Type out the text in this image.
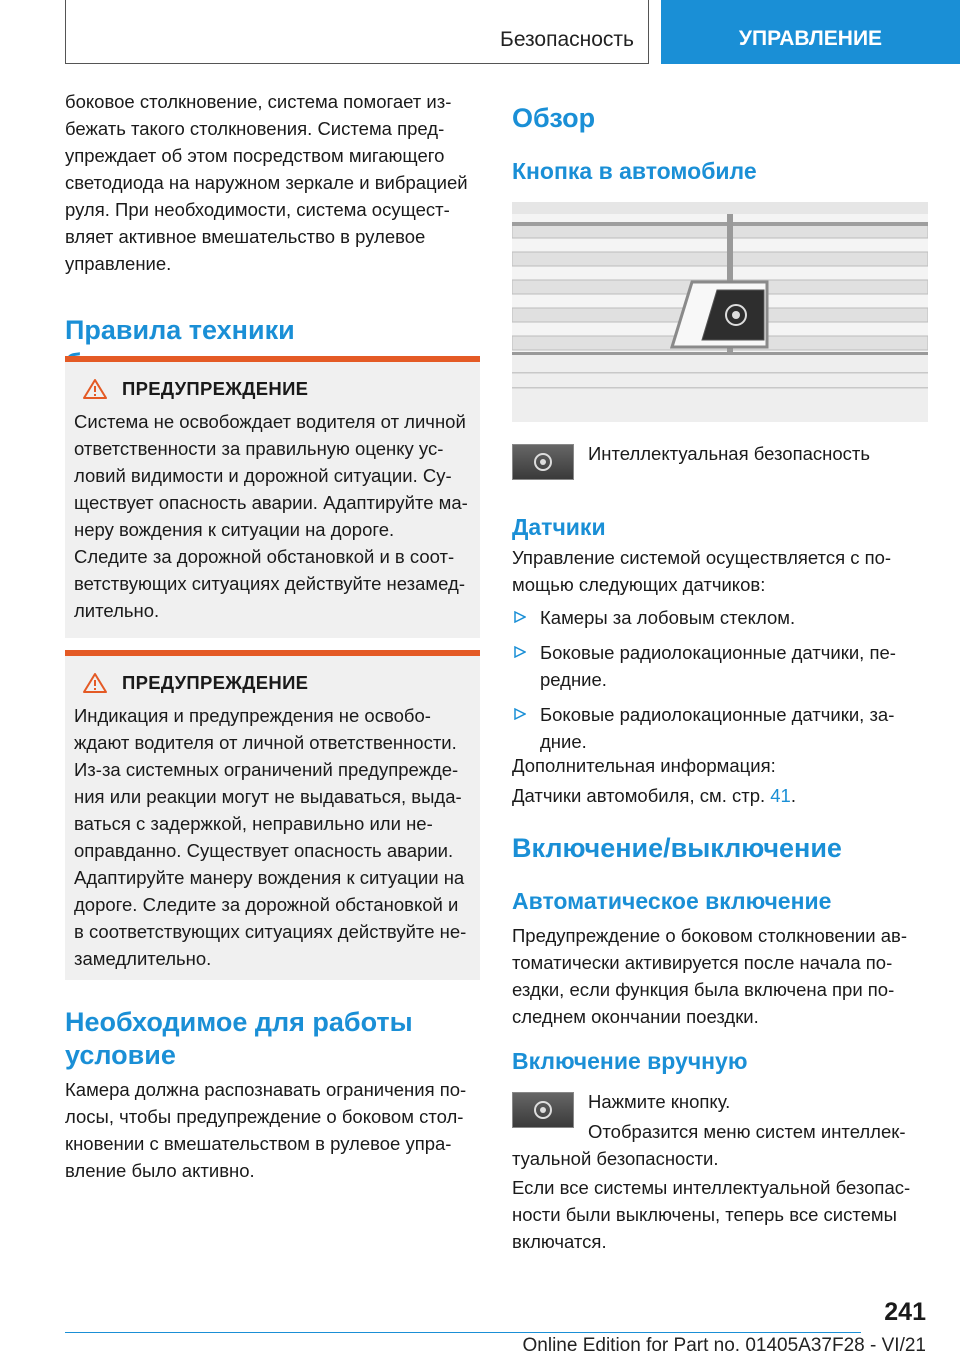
Безопасность	УПРАВЛЕНИЕ

боковое столкновение, система помогает из-бежать такого столкновения. Система пред-упреждает об этом посредством мигающего светодиода на наружном зеркале и вибрацией руля. При необходимости, система осущест-вляет активное вмешательство в рулевое управление.

Правила техники
ПРЕДУПРЕЖДЕНИЕ

Система не освобождает водителя от личной ответственности за правильную оценку ус-ловий видимости и дорожной ситуации. Су-ществует опасность аварии. Адаптируйте ма-неру вождения к ситуации на дороге. Следите за дорожной обстановкой и в соот-ветствующих ситуациях действуйте незамед-лительно.

ПРЕДУПРЕЖДЕНИЕ

Индикация и предупреждения не освобо-ждают водителя от личной ответственности. Из-за системных ограничений предупрежде-ния или реакции могут не выдаваться, выда-ваться с задержкой, неправильно или не-оправданно. Существует опасность аварии. Адаптируйте манеру вождения к ситуации на дороге. Следите за дорожной обстановкой и в соответствующих ситуациях действуйте не-замедлительно.

Необходимое для работы условие

Камера должна распознавать ограничения по-лосы, чтобы предупреждение о боковом стол-кновении с вмешательством в рулевое упра-вление было активно.

Обзор
Кнопка в автомобиле

Интеллектуальная безопасность

Датчики

Управление системой осуществляется с по-мощью следующих датчиков:

Камеры за лобовым стеклом.
Боковые радиолокационные датчики, пе-редние.
Боковые радиолокационные датчики, за-дние.

Дополнительная информация:

Датчики автомобиля, см. стр. 41.

Включение/выключение
Автоматическое включение

Предупреждение о боковом столкновении ав-томатически активируется после начала по-ездки, если функция была включена при по-следнем окончании поездки.

Включение вручную

Нажмите кнопку.

Отобразится меню систем интеллек-туальной безопасности.

Если все системы интеллектуальной безопас-ности были выключены, теперь все системы включатся.

241
Online Edition for Part no. 01405A37F28 - VI/21
